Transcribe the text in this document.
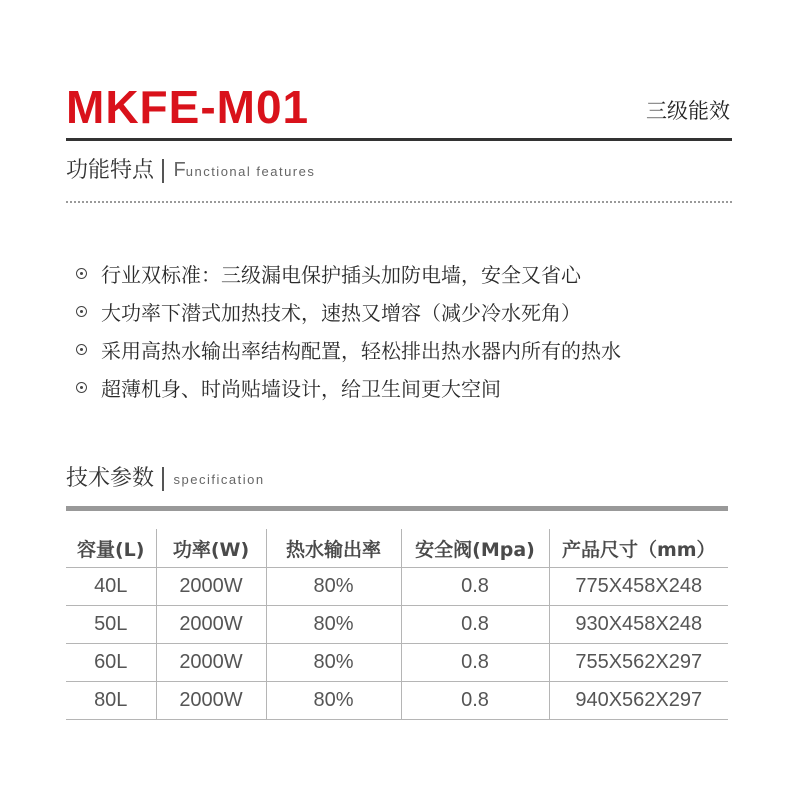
MKFE-M01	三级能效
功能特点 Functional features
行业双标准：三级漏电保护插头加防电墙，安全又省心
大功率下潜式加热技术，速热又增容（减少冷水死角）
采用高热水输出率结构配置，轻松排出热水器内所有的热水
超薄机身、时尚贴墙设计，给卫生间更大空间
技术参数 specification
容量(L)	功率(W)	热水输出率	安全阀(Mpa)	产品尺寸（mm）
40L	2000W	80%	0.8	775X458X248
50L	2000W	80%	0.8	930X458X248
60L	2000W	80%	0.8	755X562X297
80L	2000W	80%	0.8	940X562X297
